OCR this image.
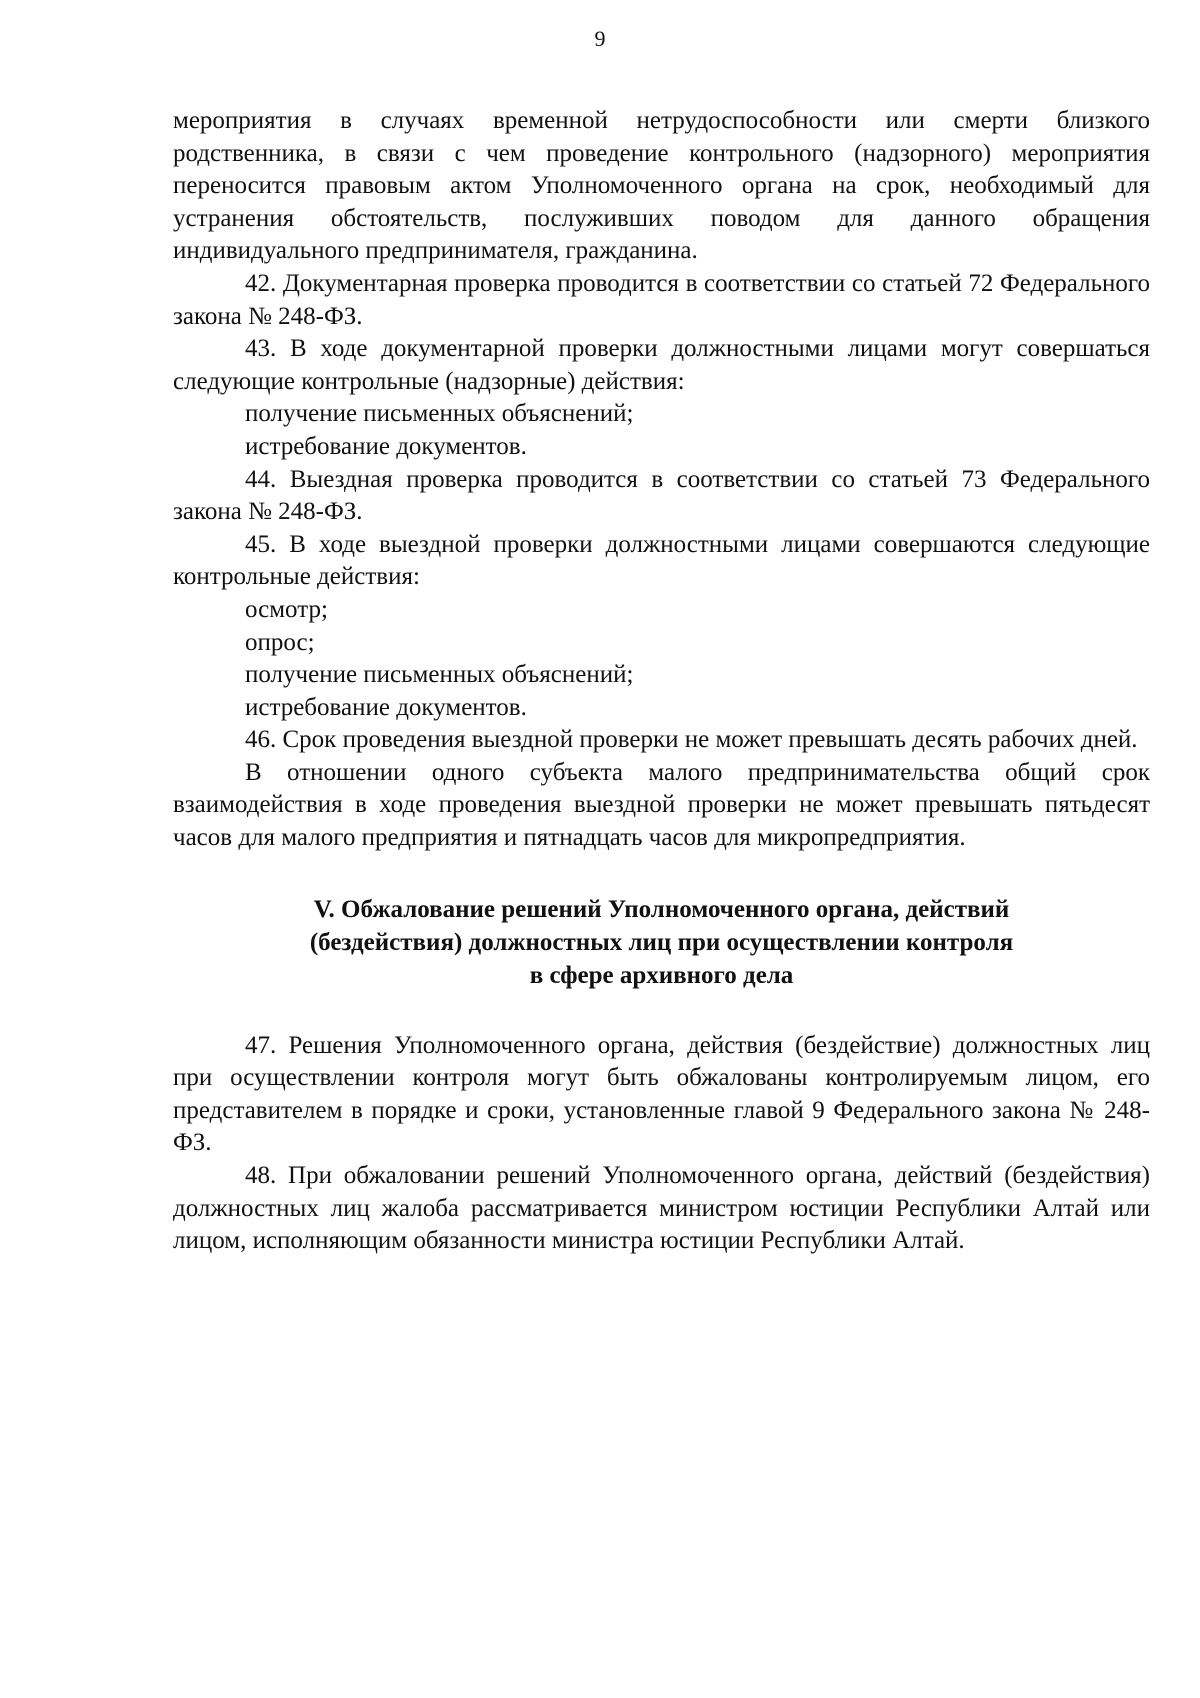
9

мероприятия в случаях временной нетрудоспособности или смерти близкого родственника, в связи с чем проведение контрольного (надзорного) мероприятия переносится правовым актом Уполномоченного органа на срок, необходимый для устранения обстоятельств, послуживших поводом для данного обращения индивидуального предпринимателя, гражданина.

42. Документарная проверка проводится в соответствии со статьей 72 Федерального закона № 248-ФЗ.

43. В ходе документарной проверки должностными лицами могут совершаться следующие контрольные (надзорные) действия:

получение письменных объяснений;

истребование документов.

44. Выездная проверка проводится в соответствии со статьей 73 Федерального закона № 248-ФЗ.

45. В ходе выездной проверки должностными лицами совершаются следующие контрольные действия:

осмотр;

опрос;

получение письменных объяснений;

истребование документов.

46. Срок проведения выездной проверки не может превышать десять рабочих дней.

В отношении одного субъекта малого предпринимательства общий срок взаимодействия в ходе проведения выездной проверки не может превышать пятьдесят часов для малого предприятия и пятнадцать часов для микропредприятия.

V. Обжалование решений Уполномоченного органа, действий
(бездействия) должностных лиц при осуществлении контроля
в сфере архивного дела

47. Решения Уполномоченного органа, действия (бездействие) должностных лиц при осуществлении контроля могут быть обжалованы контролируемым лицом, его представителем в порядке и сроки, установленные главой 9 Федерального закона № 248-ФЗ.

48. При обжаловании решений Уполномоченного органа, действий (бездействия) должностных лиц жалоба рассматривается министром юстиции Республики Алтай или лицом, исполняющим обязанности министра юстиции Республики Алтай.
